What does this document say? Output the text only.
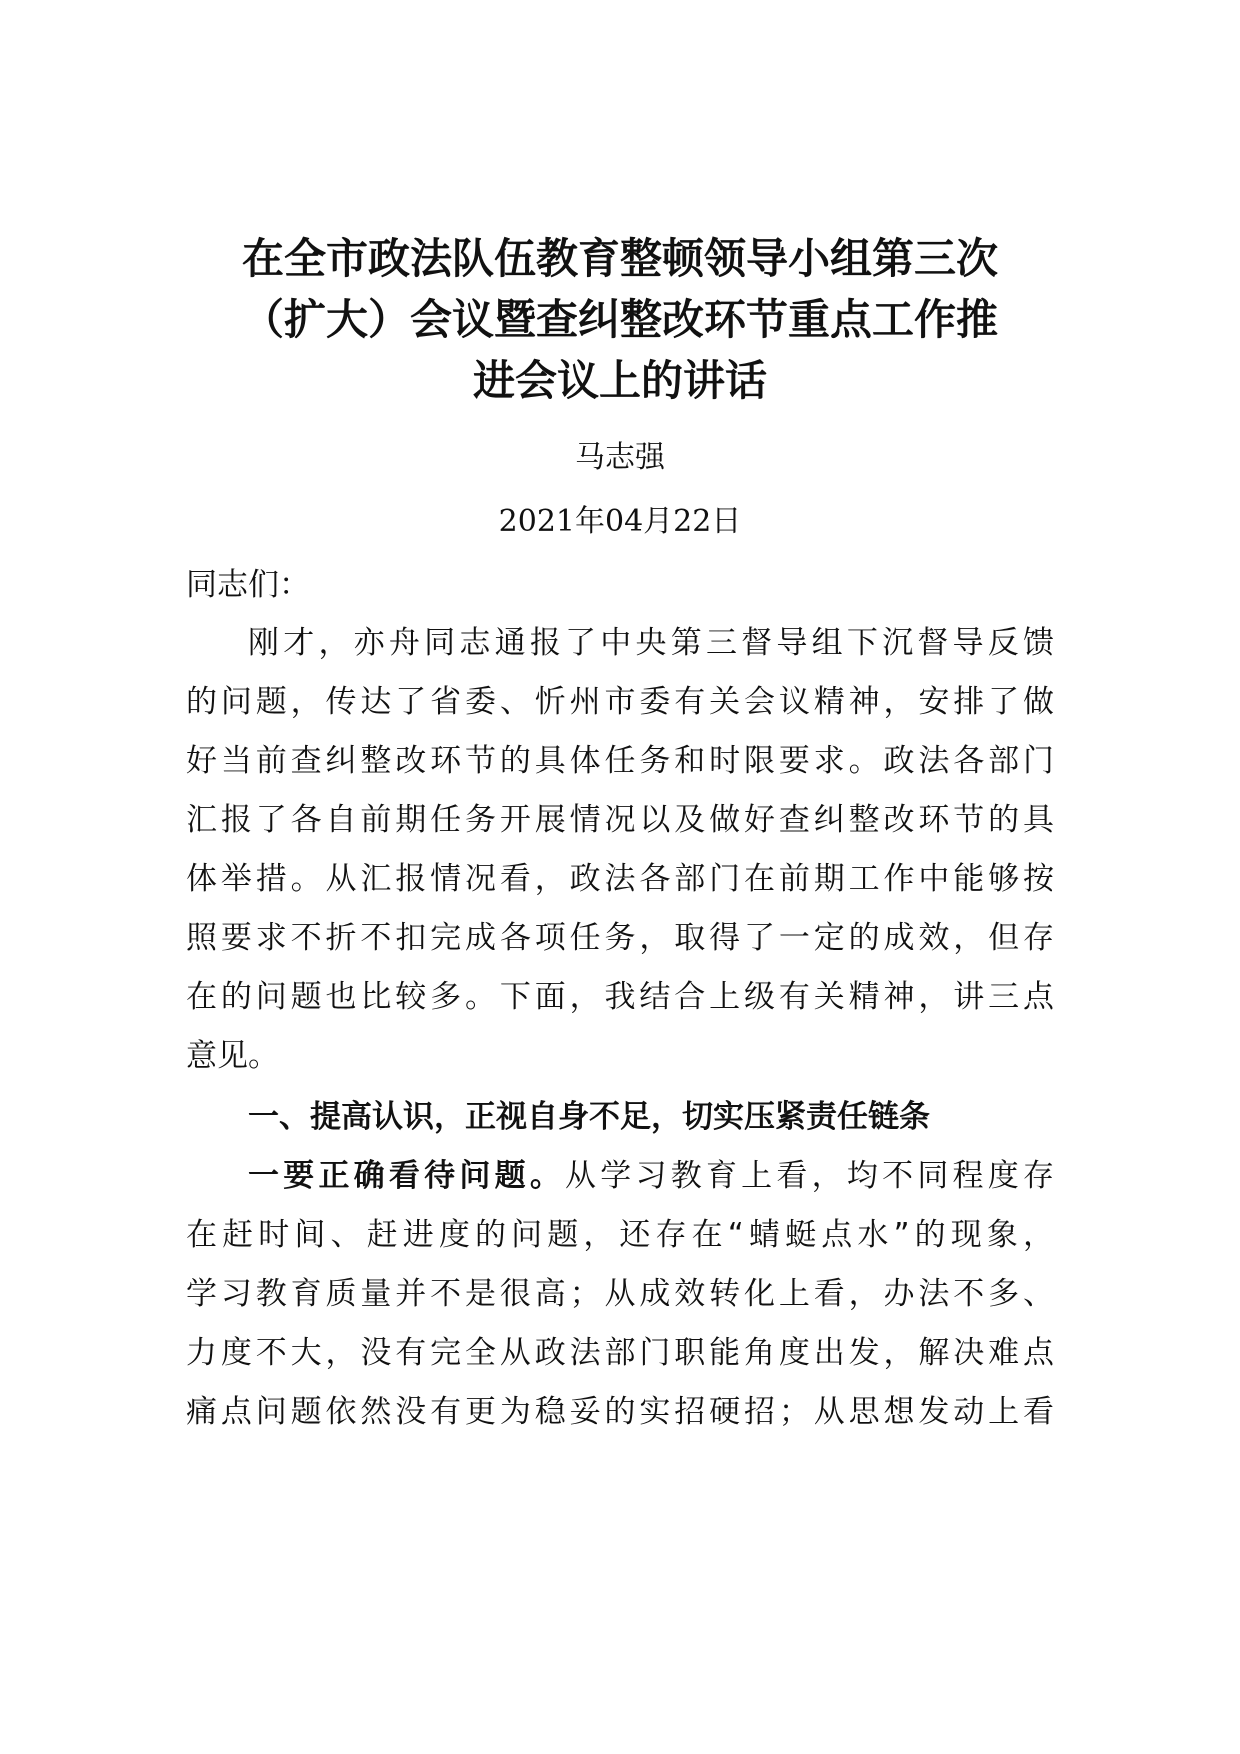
在全市政法队伍教育整顿领导小组第三次
（扩大）会议暨查纠整改环节重点工作推
进会议上的讲话
马志强
2021年04月22日
同志们：
刚才，亦舟同志通报了中央第三督导组下沉督导反馈
的问题，传达了省委、忻州市委有关会议精神，安排了做
好当前查纠整改环节的具体任务和时限要求。政法各部门
汇报了各自前期任务开展情况以及做好查纠整改环节的具
体举措。从汇报情况看，政法各部门在前期工作中能够按
照要求不折不扣完成各项任务，取得了一定的成效，但存
在的问题也比较多。下面，我结合上级有关精神，讲三点
意见。
一、提高认识，正视自身不足，切实压紧责任链条
一要正确看待问题。从学习教育上看，均不同程度存
在赶时间、赶进度的问题，还存在“蜻蜓点水”的现象，
学习教育质量并不是很高；从成效转化上看，办法不多、
力度不大，没有完全从政法部门职能角度出发，解决难点
痛点问题依然没有更为稳妥的实招硬招；从思想发动上看
